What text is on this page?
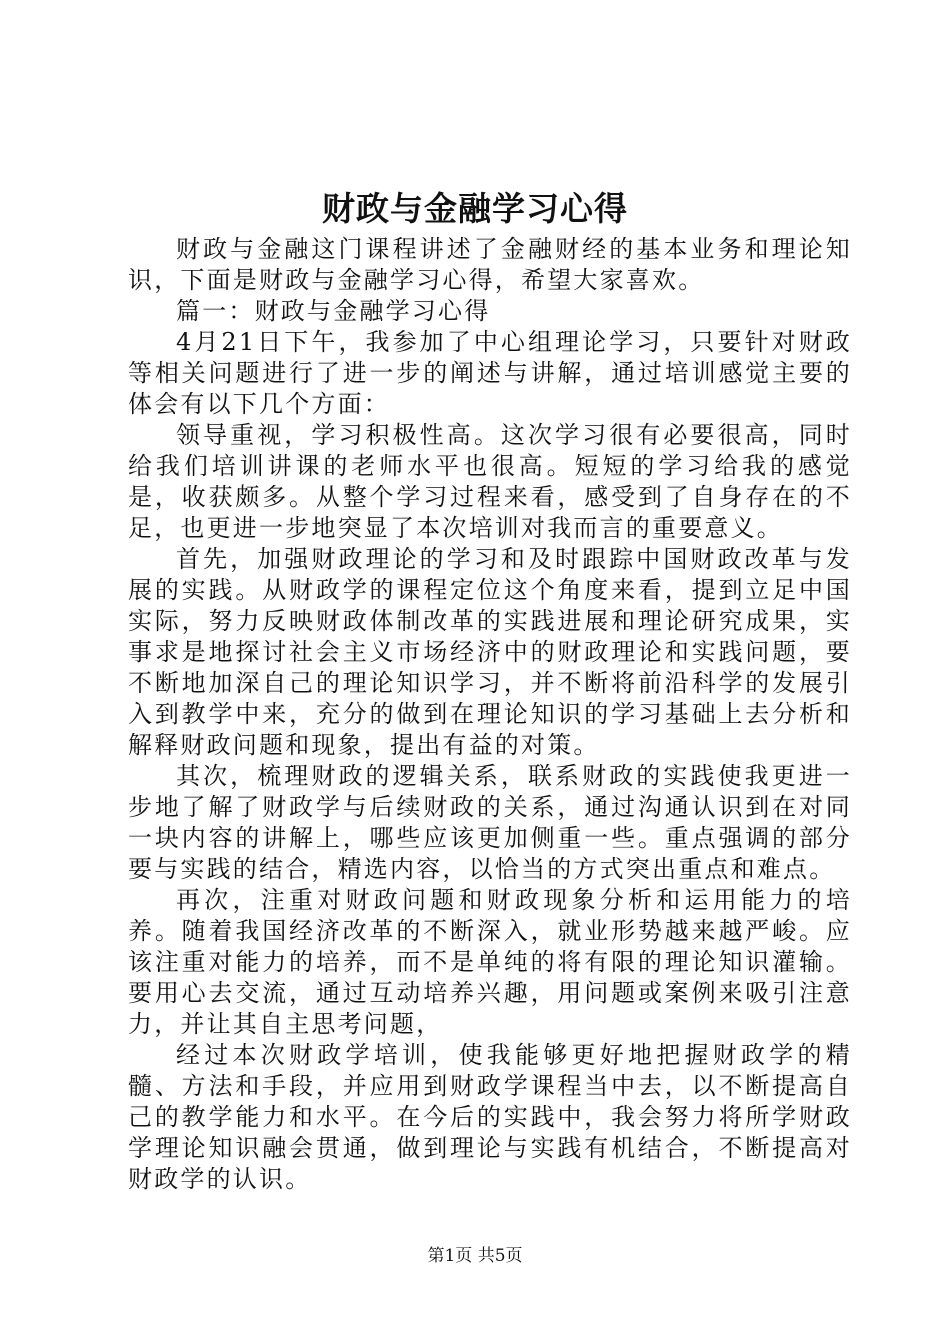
财政与金融学习心得

财政与金融这门课程讲述了金融财经的基本业务和理论知识，下面是财政与金融学习心得，希望大家喜欢。

篇一：财政与金融学习心得

4月21日下午，我参加了中心组理论学习，只要针对财政等相关问题进行了进一步的阐述与讲解，通过培训感觉主要的体会有以下几个方面：

领导重视，学习积极性高。这次学习很有必要很高，同时给我们培训讲课的老师水平也很高。短短的学习给我的感觉是，收获颇多。从整个学习过程来看，感受到了自身存在的不足，也更进一步地突显了本次培训对我而言的重要意义。

首先，加强财政理论的学习和及时跟踪中国财政改革与发展的实践。从财政学的课程定位这个角度来看，提到立足中国实际，努力反映财政体制改革的实践进展和理论研究成果，实事求是地探讨社会主义市场经济中的财政理论和实践问题，要不断地加深自己的理论知识学习，并不断将前沿科学的发展引入到教学中来，充分的做到在理论知识的学习基础上去分析和解释财政问题和现象，提出有益的对策。

其次，梳理财政的逻辑关系，联系财政的实践使我更进一步地了解了财政学与后续财政的关系，通过沟通认识到在对同一块内容的讲解上，哪些应该更加侧重一些。重点强调的部分要与实践的结合，精选内容，以恰当的方式突出重点和难点。

再次，注重对财政问题和财政现象分析和运用能力的培养。随着我国经济改革的不断深入，就业形势越来越严峻。应该注重对能力的培养，而不是单纯的将有限的理论知识灌输。要用心去交流，通过互动培养兴趣，用问题或案例来吸引注意力，并让其自主思考问题，

经过本次财政学培训，使我能够更好地把握财政学的精髓、方法和手段，并应用到财政学课程当中去，以不断提高自己的教学能力和水平。在今后的实践中，我会努力将所学财政学理论知识融会贯通，做到理论与实践有机结合，不断提高对财政学的认识。

第1页 共5页
